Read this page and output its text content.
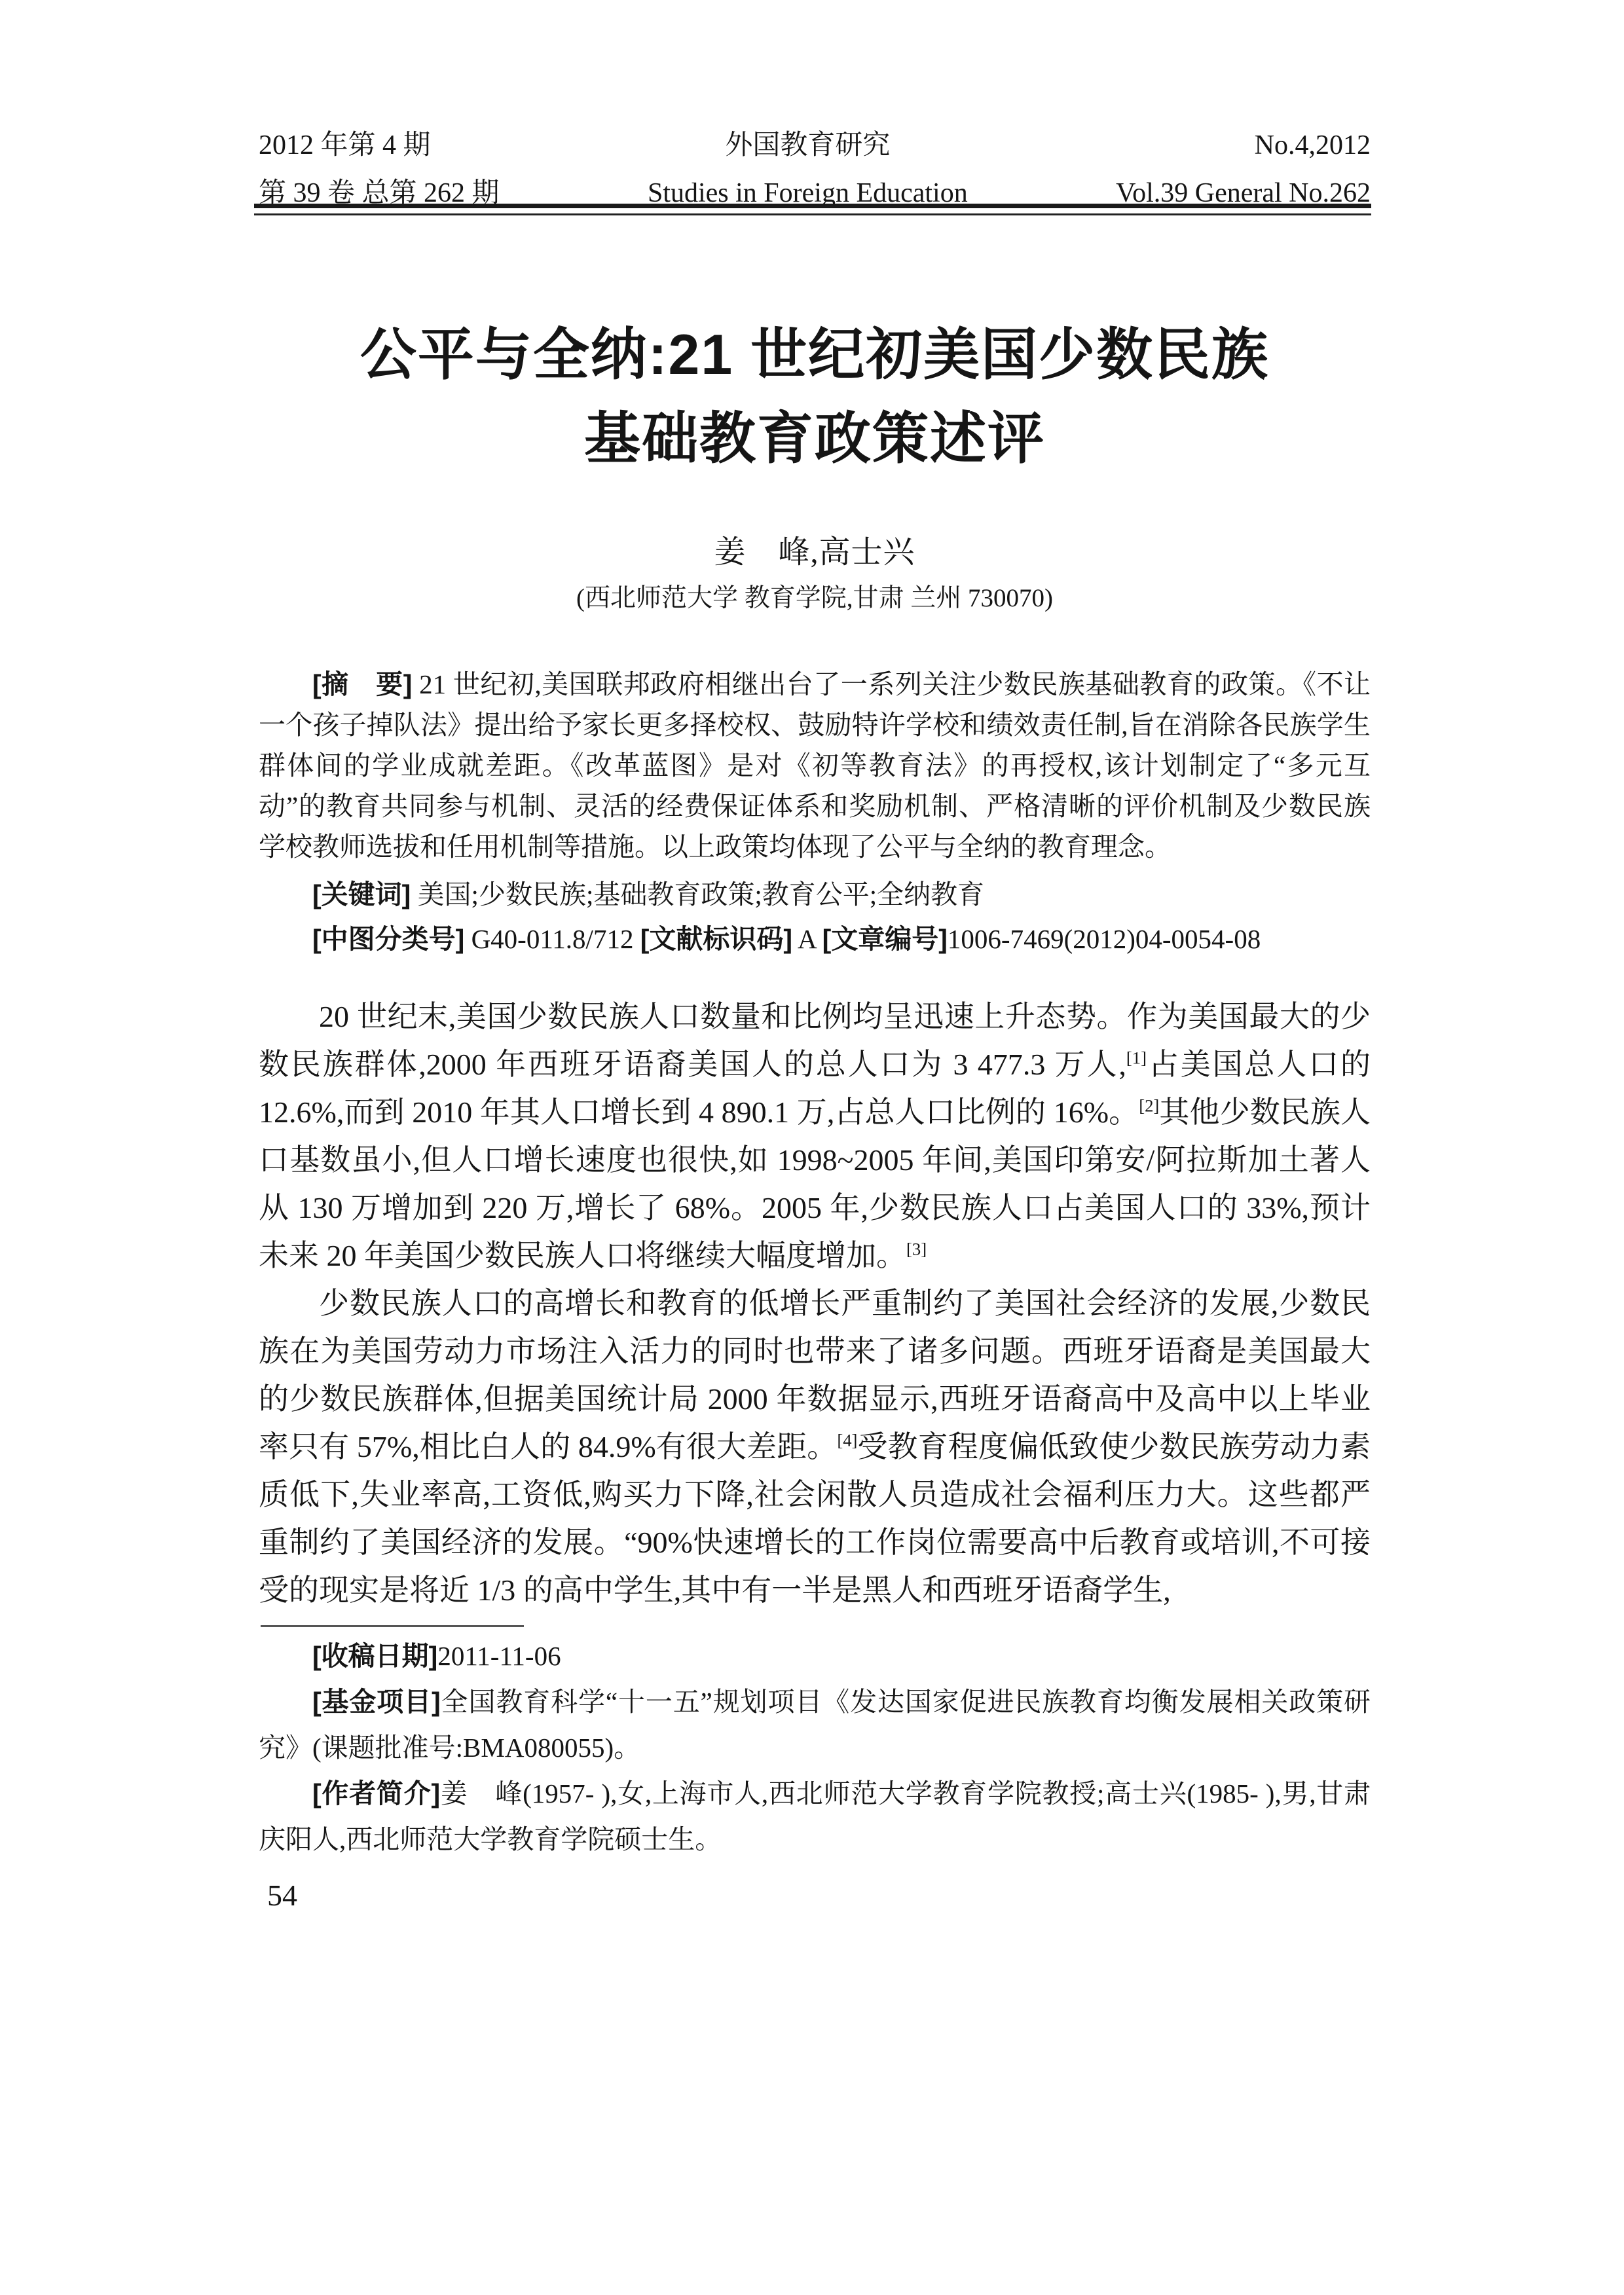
2012 年第 4 期
第 39 卷 总第 262 期
外国教育研究
Studies in Foreign Education
No.4,2012
Vol.39 General No.262
公平与全纳:21 世纪初美国少数民族
基础教育政策述评
姜　峰,高士兴
(西北师范大学 教育学院,甘肃 兰州 730070)
[摘　要] 21 世纪初,美国联邦政府相继出台了一系列关注少数民族基础教育的政策。《不让一个孩子掉队法》提出给予家长更多择校权、鼓励特许学校和绩效责任制,旨在消除各民族学生群体间的学业成就差距。《改革蓝图》是对《初等教育法》的再授权,该计划制定了“多元互动”的教育共同参与机制、灵活的经费保证体系和奖励机制、严格清晰的评价机制及少数民族学校教师选拔和任用机制等措施。以上政策均体现了公平与全纳的教育理念。
[关键词] 美国;少数民族;基础教育政策;教育公平;全纳教育
[中图分类号] G40-011.8/712 [文献标识码] A [文章编号]1006-7469(2012)04-0054-08

20 世纪末,美国少数民族人口数量和比例均呈迅速上升态势。作为美国最大的少数民族群体,2000 年西班牙语裔美国人的总人口为 3 477.3 万人,[1]占美国总人口的 12.6%,而到 2010 年其人口增长到 4 890.1 万,占总人口比例的 16%。[2]其他少数民族人口基数虽小,但人口增长速度也很快,如 1998~2005 年间,美国印第安/阿拉斯加土著人从 130 万增加到 220 万,增长了 68%。2005 年,少数民族人口占美国人口的 33%,预计未来 20 年美国少数民族人口将继续大幅度增加。[3]

少数民族人口的高增长和教育的低增长严重制约了美国社会经济的发展,少数民族在为美国劳动力市场注入活力的同时也带来了诸多问题。西班牙语裔是美国最大的少数民族群体,但据美国统计局 2000 年数据显示,西班牙语裔高中及高中以上毕业率只有 57%,相比白人的 84.9%有很大差距。[4]受教育程度偏低致使少数民族劳动力素质低下,失业率高,工资低,购买力下降,社会闲散人员造成社会福利压力大。这些都严重制约了美国经济的发展。“90%快速增长的工作岗位需要高中后教育或培训,不可接受的现实是将近 1/3 的高中学生,其中有一半是黑人和西班牙语裔学生,

[收稿日期]2011-11-06

[基金项目]全国教育科学“十一五”规划项目《发达国家促进民族教育均衡发展相关政策研究》(课题批准号:BMA080055)。

[作者简介]姜　峰(1957- ),女,上海市人,西北师范大学教育学院教授;高士兴(1985- ),男,甘肃庆阳人,西北师范大学教育学院硕士生。

54
